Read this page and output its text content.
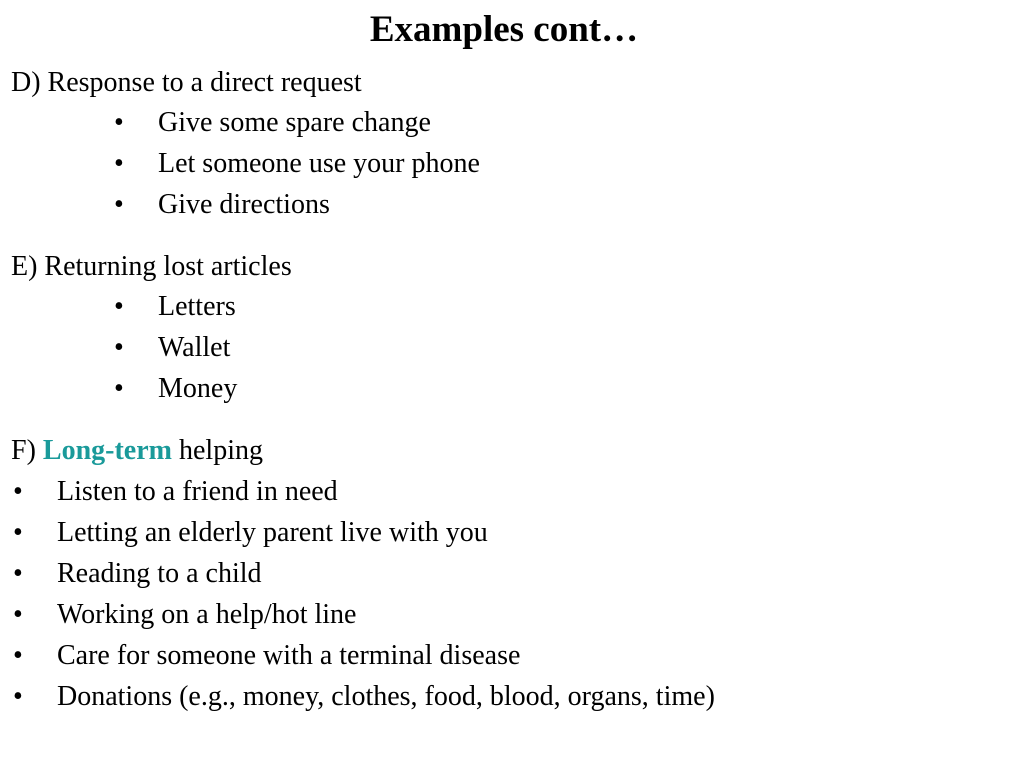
Examples cont…
D) Response to a direct request
• Give some spare change
• Let someone use your phone
• Give directions
E) Returning lost articles
• Letters
• Wallet
• Money
F) Long-term helping
• Listen to a friend in need
• Letting an elderly parent live with you
• Reading to a child
• Working on a help/hot line
• Care for someone with a terminal disease
• Donations (e.g., money, clothes, food, blood, organs, time)
